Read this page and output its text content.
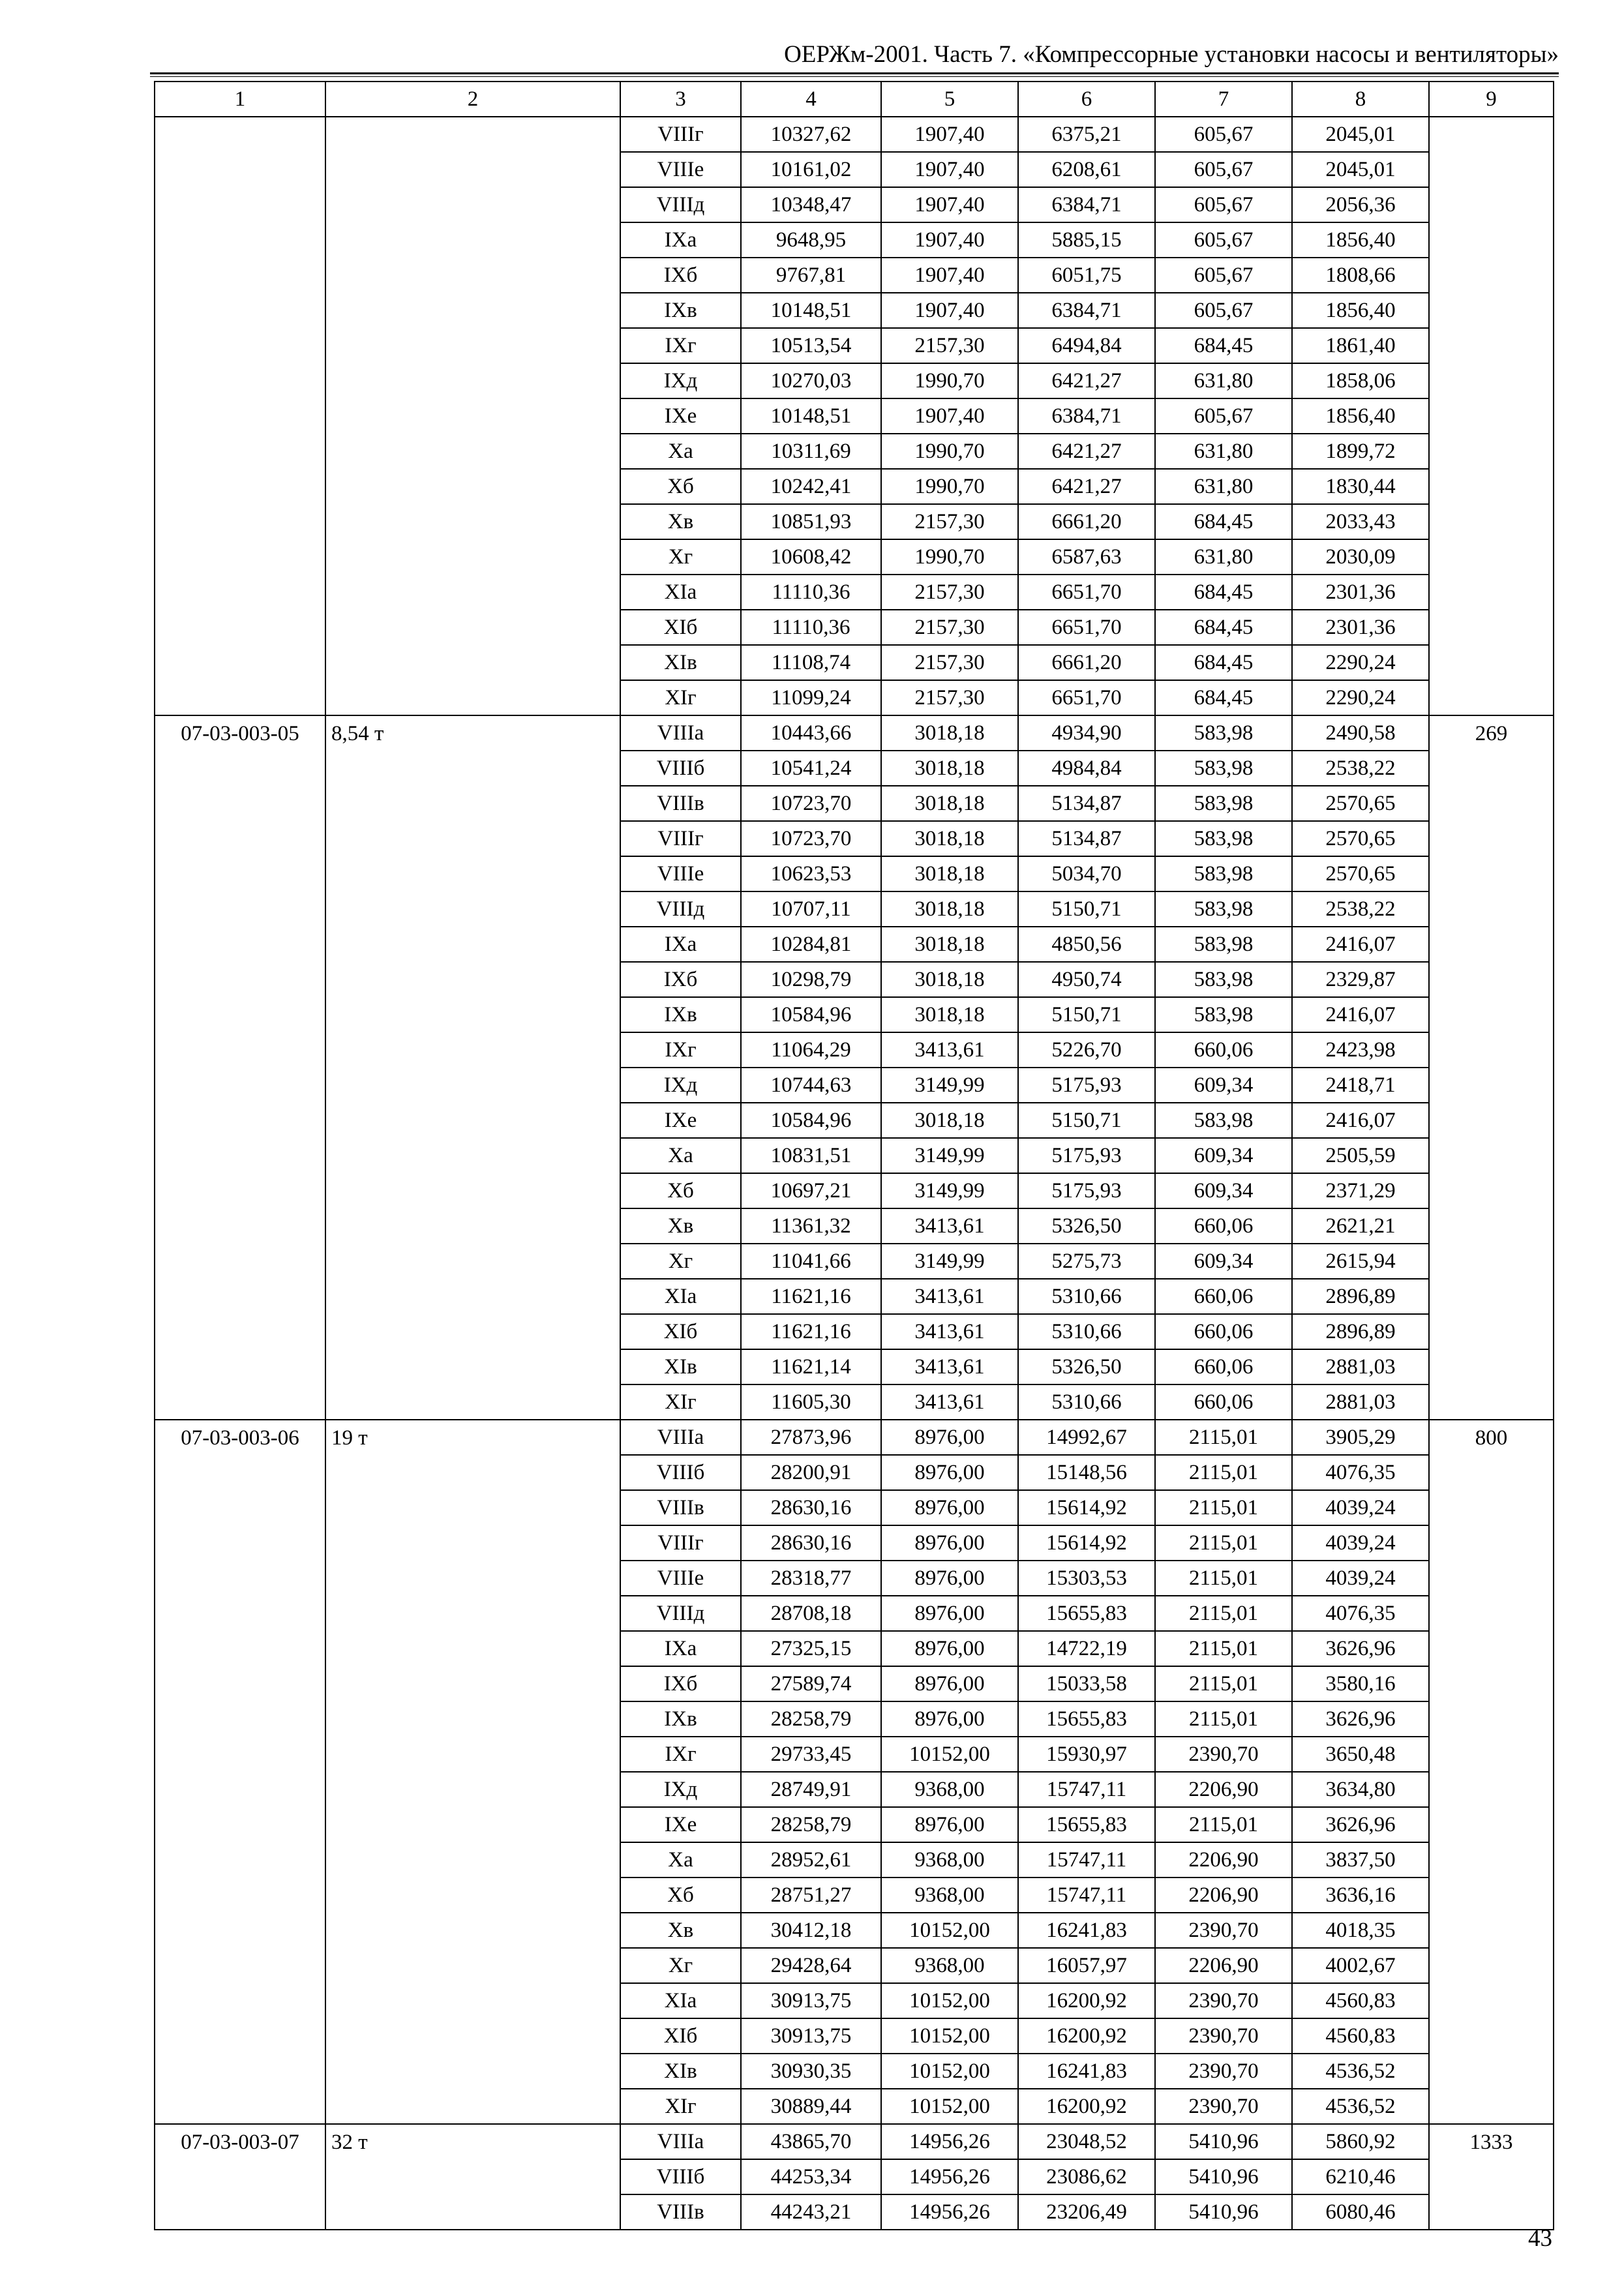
ОЕРЖм-2001. Часть 7. «Компрессорные установки насосы и вентиляторы»
1	2	3	4	5	6	7	8	9
		VIIIг	10327,62	1907,40	6375,21	605,67	2045,01	
		VIIIе	10161,02	1907,40	6208,61	605,67	2045,01	
		VIIIд	10348,47	1907,40	6384,71	605,67	2056,36	
		IXа	9648,95	1907,40	5885,15	605,67	1856,40	
		IXб	9767,81	1907,40	6051,75	605,67	1808,66	
		IXв	10148,51	1907,40	6384,71	605,67	1856,40	
		IXг	10513,54	2157,30	6494,84	684,45	1861,40	
		IXд	10270,03	1990,70	6421,27	631,80	1858,06	
		IXе	10148,51	1907,40	6384,71	605,67	1856,40	
		Xа	10311,69	1990,70	6421,27	631,80	1899,72	
		Xб	10242,41	1990,70	6421,27	631,80	1830,44	
		Xв	10851,93	2157,30	6661,20	684,45	2033,43	
		Xг	10608,42	1990,70	6587,63	631,80	2030,09	
		XIа	11110,36	2157,30	6651,70	684,45	2301,36	
		XIб	11110,36	2157,30	6651,70	684,45	2301,36	
		XIв	11108,74	2157,30	6661,20	684,45	2290,24	
		XIг	11099,24	2157,30	6651,70	684,45	2290,24	
07-03-003-05	8,54 т	VIIIа	10443,66	3018,18	4934,90	583,98	2490,58	269
		VIIIб	10541,24	3018,18	4984,84	583,98	2538,22	
		VIIIв	10723,70	3018,18	5134,87	583,98	2570,65	
		VIIIг	10723,70	3018,18	5134,87	583,98	2570,65	
		VIIIе	10623,53	3018,18	5034,70	583,98	2570,65	
		VIIIд	10707,11	3018,18	5150,71	583,98	2538,22	
		IXа	10284,81	3018,18	4850,56	583,98	2416,07	
		IXб	10298,79	3018,18	4950,74	583,98	2329,87	
		IXв	10584,96	3018,18	5150,71	583,98	2416,07	
		IXг	11064,29	3413,61	5226,70	660,06	2423,98	
		IXд	10744,63	3149,99	5175,93	609,34	2418,71	
		IXе	10584,96	3018,18	5150,71	583,98	2416,07	
		Xа	10831,51	3149,99	5175,93	609,34	2505,59	
		Xб	10697,21	3149,99	5175,93	609,34	2371,29	
		Xв	11361,32	3413,61	5326,50	660,06	2621,21	
		Xг	11041,66	3149,99	5275,73	609,34	2615,94	
		XIа	11621,16	3413,61	5310,66	660,06	2896,89	
		XIб	11621,16	3413,61	5310,66	660,06	2896,89	
		XIв	11621,14	3413,61	5326,50	660,06	2881,03	
		XIг	11605,30	3413,61	5310,66	660,06	2881,03	
07-03-003-06	19 т	VIIIа	27873,96	8976,00	14992,67	2115,01	3905,29	800
		VIIIб	28200,91	8976,00	15148,56	2115,01	4076,35	
		VIIIв	28630,16	8976,00	15614,92	2115,01	4039,24	
		VIIIг	28630,16	8976,00	15614,92	2115,01	4039,24	
		VIIIе	28318,77	8976,00	15303,53	2115,01	4039,24	
		VIIIд	28708,18	8976,00	15655,83	2115,01	4076,35	
		IXа	27325,15	8976,00	14722,19	2115,01	3626,96	
		IXб	27589,74	8976,00	15033,58	2115,01	3580,16	
		IXв	28258,79	8976,00	15655,83	2115,01	3626,96	
		IXг	29733,45	10152,00	15930,97	2390,70	3650,48	
		IXд	28749,91	9368,00	15747,11	2206,90	3634,80	
		IXе	28258,79	8976,00	15655,83	2115,01	3626,96	
		Xа	28952,61	9368,00	15747,11	2206,90	3837,50	
		Xб	28751,27	9368,00	15747,11	2206,90	3636,16	
		Xв	30412,18	10152,00	16241,83	2390,70	4018,35	
		Xг	29428,64	9368,00	16057,97	2206,90	4002,67	
		XIа	30913,75	10152,00	16200,92	2390,70	4560,83	
		XIб	30913,75	10152,00	16200,92	2390,70	4560,83	
		XIв	30930,35	10152,00	16241,83	2390,70	4536,52	
		XIг	30889,44	10152,00	16200,92	2390,70	4536,52	
07-03-003-07	32 т	VIIIа	43865,70	14956,26	23048,52	5410,96	5860,92	1333
		VIIIб	44253,34	14956,26	23086,62	5410,96	6210,46	
		VIIIв	44243,21	14956,26	23206,49	5410,96	6080,46	
43
